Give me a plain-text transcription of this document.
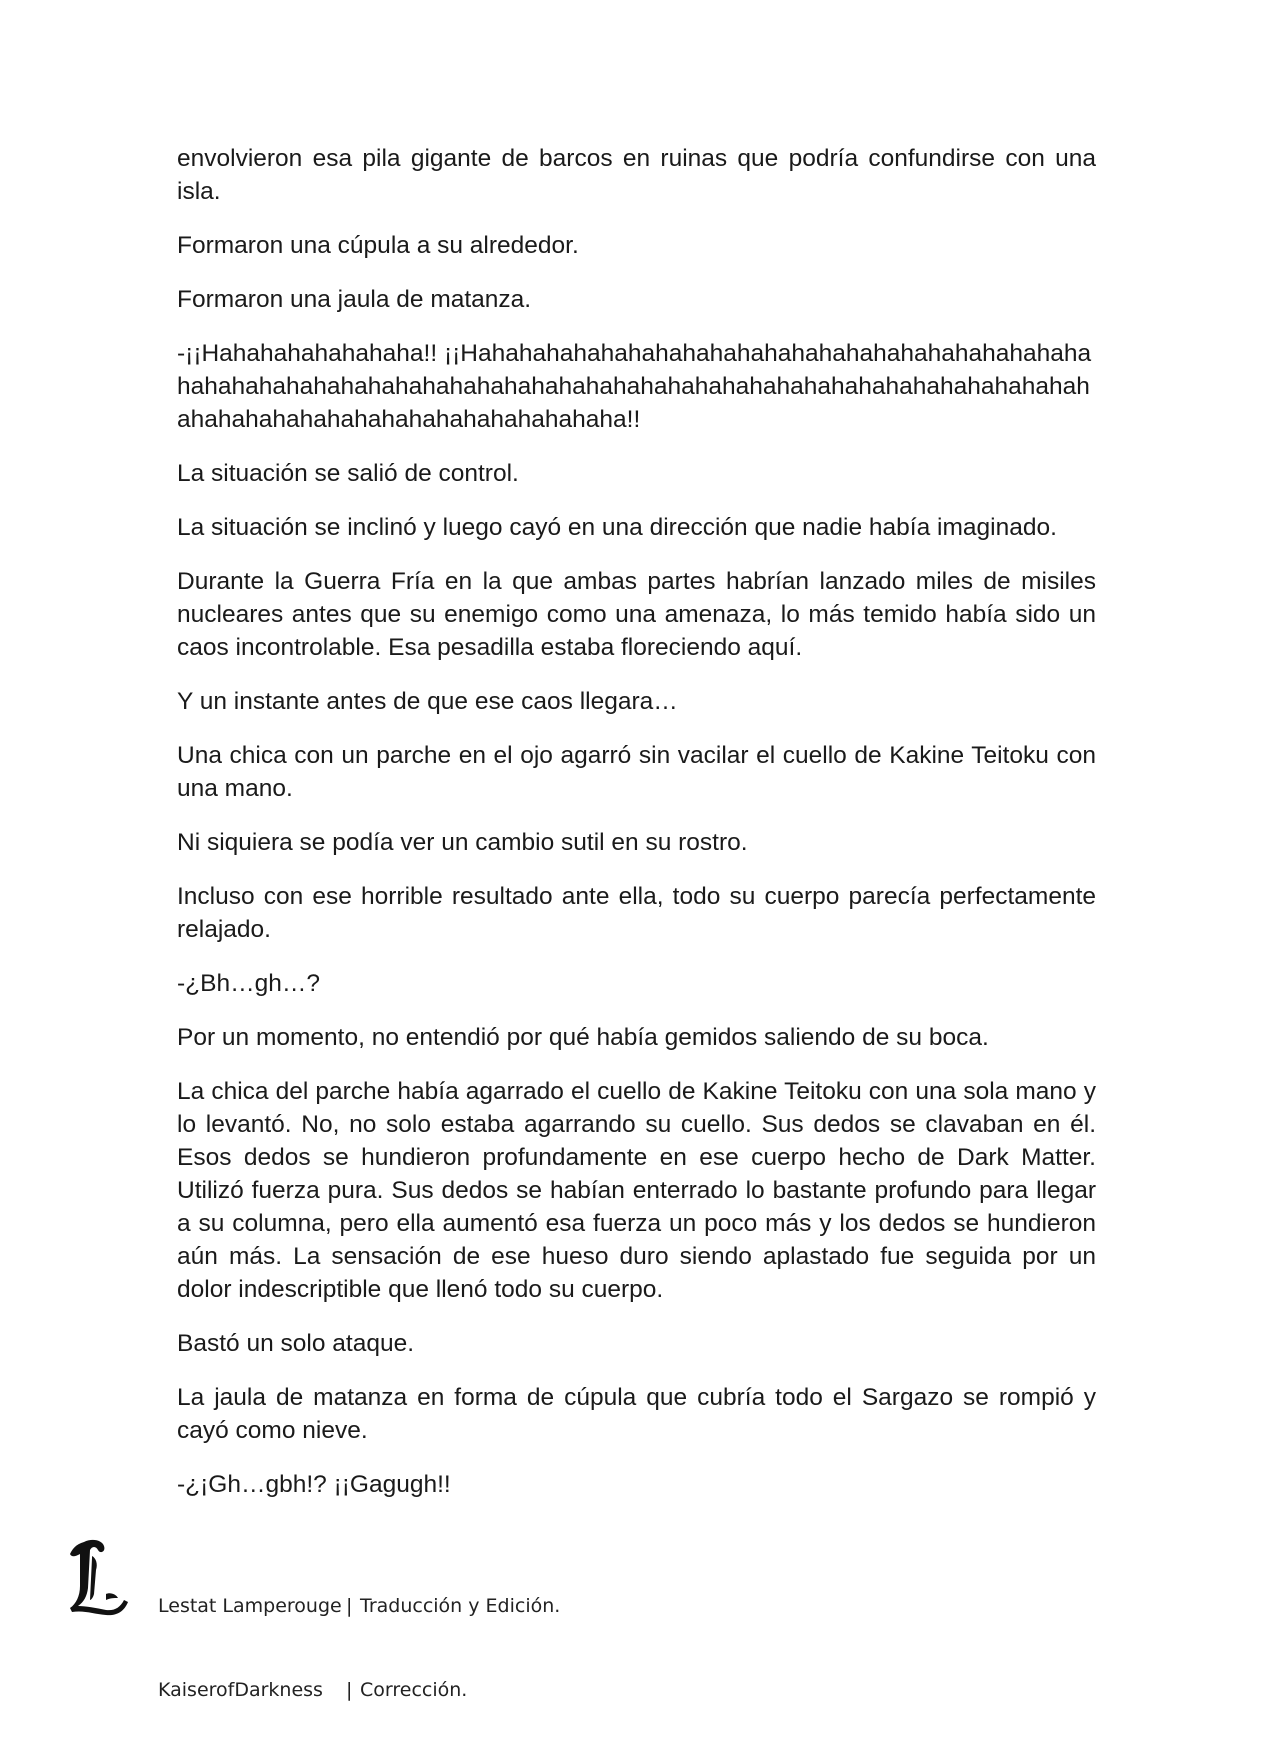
envolvieron esa pila gigante de barcos en ruinas que podría confundirse con una isla.

Formaron una cúpula a su alrededor.

Formaron una jaula de matanza.

-¡¡Hahahahahahahaha!! ¡¡Hahahahahahahahahahahahahahahahahahahahahahahahahahahahahahahahahahahahahahahahahahahahahahahahahahahahahahahahahahahahahahahahahahahahahahahahaha!!

La situación se salió de control.

La situación se inclinó y luego cayó en una dirección que nadie había imaginado.

Durante la Guerra Fría en la que ambas partes habrían lanzado miles de misiles nucleares antes que su enemigo como una amenaza, lo más temido había sido un caos incontrolable. Esa pesadilla estaba floreciendo aquí.

Y un instante antes de que ese caos llegara…

Una chica con un parche en el ojo agarró sin vacilar el cuello de Kakine Teitoku con una mano.

Ni siquiera se podía ver un cambio sutil en su rostro.

Incluso con ese horrible resultado ante ella, todo su cuerpo parecía perfectamente relajado.

-¿Bh…gh…?

Por un momento, no entendió por qué había gemidos saliendo de su boca.

La chica del parche había agarrado el cuello de Kakine Teitoku con una sola mano y lo levantó. No, no solo estaba agarrando su cuello. Sus dedos se clavaban en él. Esos dedos se hundieron profundamente en ese cuerpo hecho de Dark Matter. Utilizó fuerza pura. Sus dedos se habían enterrado lo bastante profundo para llegar a su columna, pero ella aumentó esa fuerza un poco más y los dedos se hundieron aún más. La sensación de ese hueso duro siendo aplastado fue seguida por un dolor indescriptible que llenó todo su cuerpo.

Bastó un solo ataque.

La jaula de matanza en forma de cúpula que cubría todo el Sargazo se rompió y cayó como nieve.

-¿¡Gh…gbh!? ¡¡Gagugh!!

Lestat Lamperouge | Traducción y Edición.

KaiserofDarkness | Corrección.
